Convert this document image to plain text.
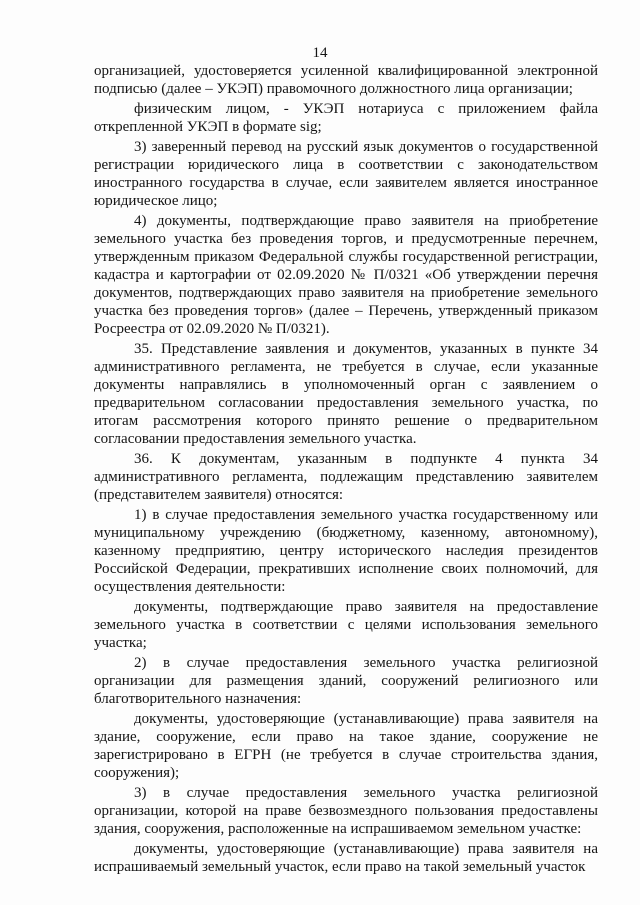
14

организацией, удостоверяется усиленной квалифицированной электронной подписью (далее – УКЭП) правомочного должностного лица организации;

физическим лицом, - УКЭП нотариуса с приложением файла открепленной УКЭП в формате sig;

3) заверенный перевод на русский язык документов о государственной регистрации юридического лица в соответствии с законодательством иностранного государства в случае, если заявителем является иностранное юридическое лицо;

4) документы, подтверждающие право заявителя на приобретение земельного участка без проведения торгов, и предусмотренные перечнем, утвержденным приказом Федеральной службы государственной регистрации, кадастра и картографии от 02.09.2020 № П/0321 «Об утверждении перечня документов, подтверждающих право заявителя на приобретение земельного участка без проведения торгов» (далее – Перечень, утвержденный приказом Росреестра от 02.09.2020 № П/0321).

35. Представление заявления и документов, указанных в пункте 34 административного регламента, не требуется в случае, если указанные документы направлялись в уполномоченный орган с заявлением о предварительном согласовании предоставления земельного участка, по итогам рассмотрения которого принято решение о предварительном согласовании предоставления земельного участка.

36. К документам, указанным в подпункте 4 пункта 34 административного регламента, подлежащим представлению заявителем (представителем заявителя) относятся:

1) в случае предоставления земельного участка государственному или муниципальному учреждению (бюджетному, казенному, автономному), казенному предприятию, центру исторического наследия президентов Российской Федерации, прекративших исполнение своих полномочий, для осуществления деятельности:

документы, подтверждающие право заявителя на предоставление земельного участка в соответствии с целями использования земельного участка;

2) в случае предоставления земельного участка религиозной организации для размещения зданий, сооружений религиозного или благотворительного назначения:

документы, удостоверяющие (устанавливающие) права заявителя на здание, сооружение, если право на такое здание, сооружение не зарегистрировано в ЕГРН (не требуется в случае строительства здания, сооружения);

3) в случае предоставления земельного участка религиозной организации, которой на праве безвозмездного пользования предоставлены здания, сооружения, расположенные на испрашиваемом земельном участке:

документы, удостоверяющие (устанавливающие) права заявителя на испрашиваемый земельный участок, если право на такой земельный участок
